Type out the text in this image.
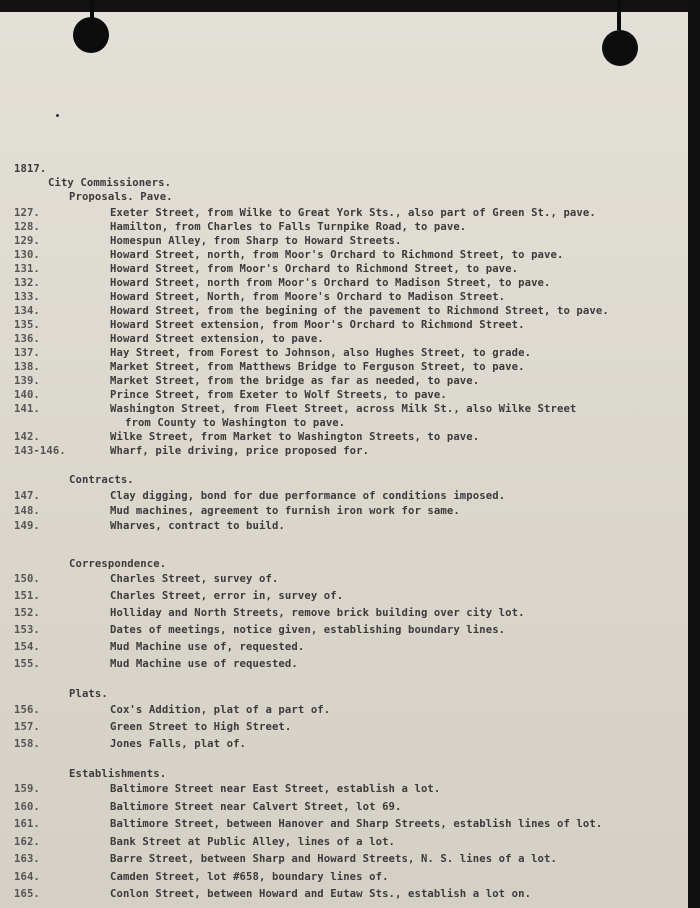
1817.
City Commissioners.
Proposals. Pave.
127.	Exeter Street, from Wilke to Great York Sts., also part of Green St., pave.
128.	Hamilton, from Charles to Falls Turnpike Road, to pave.
129.	Homespun Alley, from Sharp to Howard Streets.
130.	Howard Street, north, from Moor's Orchard to Richmond Street, to pave.
131.	Howard Street, from Moor's Orchard to Richmond Street, to pave.
132.	Howard Street, north from Moor's Orchard to Madison Street, to pave.
133.	Howard Street, North, from Moore's Orchard to Madison Street.
134.	Howard Street, from the begining of the pavement to Richmond Street, to pave.
135.	Howard Street extension, from Moor's Orchard to Richmond Street.
136.	Howard Street extension, to pave.
137.	Hay Street, from Forest to Johnson, also Hughes Street, to grade.
138.	Market Street, from Matthews Bridge to Ferguson Street, to pave.
139.	Market Street, from the bridge as far as needed, to pave.
140.	Prince Street, from Exeter to Wolf Streets, to pave.
141.	Washington Street, from Fleet Street, across Milk St., also Wilke Street
from County to Washington to pave.
142.	Wilke Street, from Market to Washington Streets, to pave.
143-146.	Wharf, pile driving, price proposed for.
Contracts.
147.	Clay digging, bond for due performance of conditions imposed.
148.	Mud machines, agreement to furnish iron work for same.
149.	Wharves, contract to build.
Correspondence.
150.	Charles Street, survey of.
151.	Charles Street, error in, survey of.
152.	Holliday and North Streets, remove brick building over city lot.
153.	Dates of meetings, notice given, establishing boundary lines.
154.	Mud Machine use of, requested.
155.	Mud Machine use of requested.
Plats.
156.	Cox's Addition, plat of a part of.
157.	Green Street to High Street.
158.	Jones Falls, plat of.
Establishments.
159.	Baltimore Street near East Street, establish a lot.
160.	Baltimore Street near Calvert Street, lot 69.
161.	Baltimore Street, between Hanover and Sharp Streets, establish lines of lot.
162.	Bank Street at Public Alley, lines of a lot.
163.	Barre Street, between Sharp and Howard Streets, N. S. lines of a lot.
164.	Camden Street, lot #658, boundary lines of.
165.	Conlon Street, between Howard and Eutaw Sts., establish a lot on.
